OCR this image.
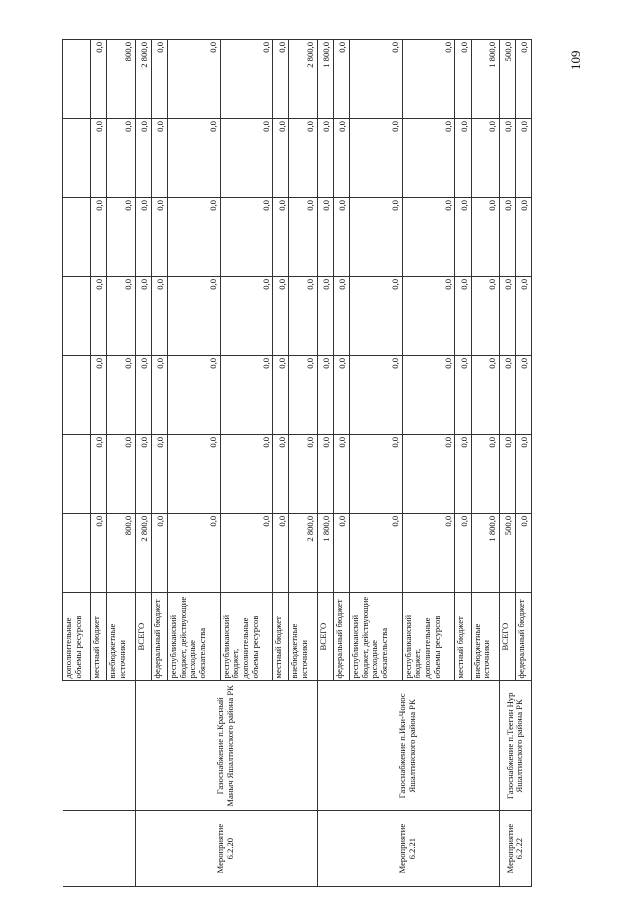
109
		дополнительные объемы ресурсов							
		местный бюджет	0,0	0,0	0,0	0,0	0,0	0,0	0,0
		внебюджетные источники	800,0	0,0	0,0	0,0	0,0	0,0	800,0
Мероприятие 6.2.20	Газоснабжение п.Красный Маныч Яшалтинского района РК	ВСЕГО	2 800,0	0,0	0,0	0,0	0,0	0,0	2 800,0
		федеральный бюджет	0,0	0,0	0,0	0,0	0,0	0,0	0,0
		республиканский бюджет, действующие расходные обязательства	0,0	0,0	0,0	0,0	0,0	0,0	0,0
		республиканский бюджет, дополнительные объемы ресурсов	0,0	0,0	0,0	0,0	0,0	0,0	0,0
		местный бюджет	0,0	0,0	0,0	0,0	0,0	0,0	0,0
		внебюджетные источники	2 800,0	0,0	0,0	0,0	0,0	0,0	2 800,0
Мероприятие 6.2.21	Газоснабжение п.Ики-Чонос Яшалтинского района РК	ВСЕГО	1 800,0	0,0	0,0	0,0	0,0	0,0	1 800,0
		федеральный бюджет	0,0	0,0	0,0	0,0	0,0	0,0	0,0
		республиканский бюджет, действующие расходные обязательства	0,0	0,0	0,0	0,0	0,0	0,0	0,0
		республиканский бюджет, дополнительные объемы ресурсов	0,0	0,0	0,0	0,0	0,0	0,0	0,0
		местный бюджет	0,0	0,0	0,0	0,0	0,0	0,0	0,0
		внебюджетные источники	1 800,0	0,0	0,0	0,0	0,0	0,0	1 800,0
Мероприятие 6.2.22	Газоснабжение п.Теегин Нур Яшалтинского района РК	ВСЕГО	500,0	0,0	0,0	0,0	0,0	0,0	500,0
		федеральный бюджет	0,0	0,0	0,0	0,0	0,0	0,0	0,0
